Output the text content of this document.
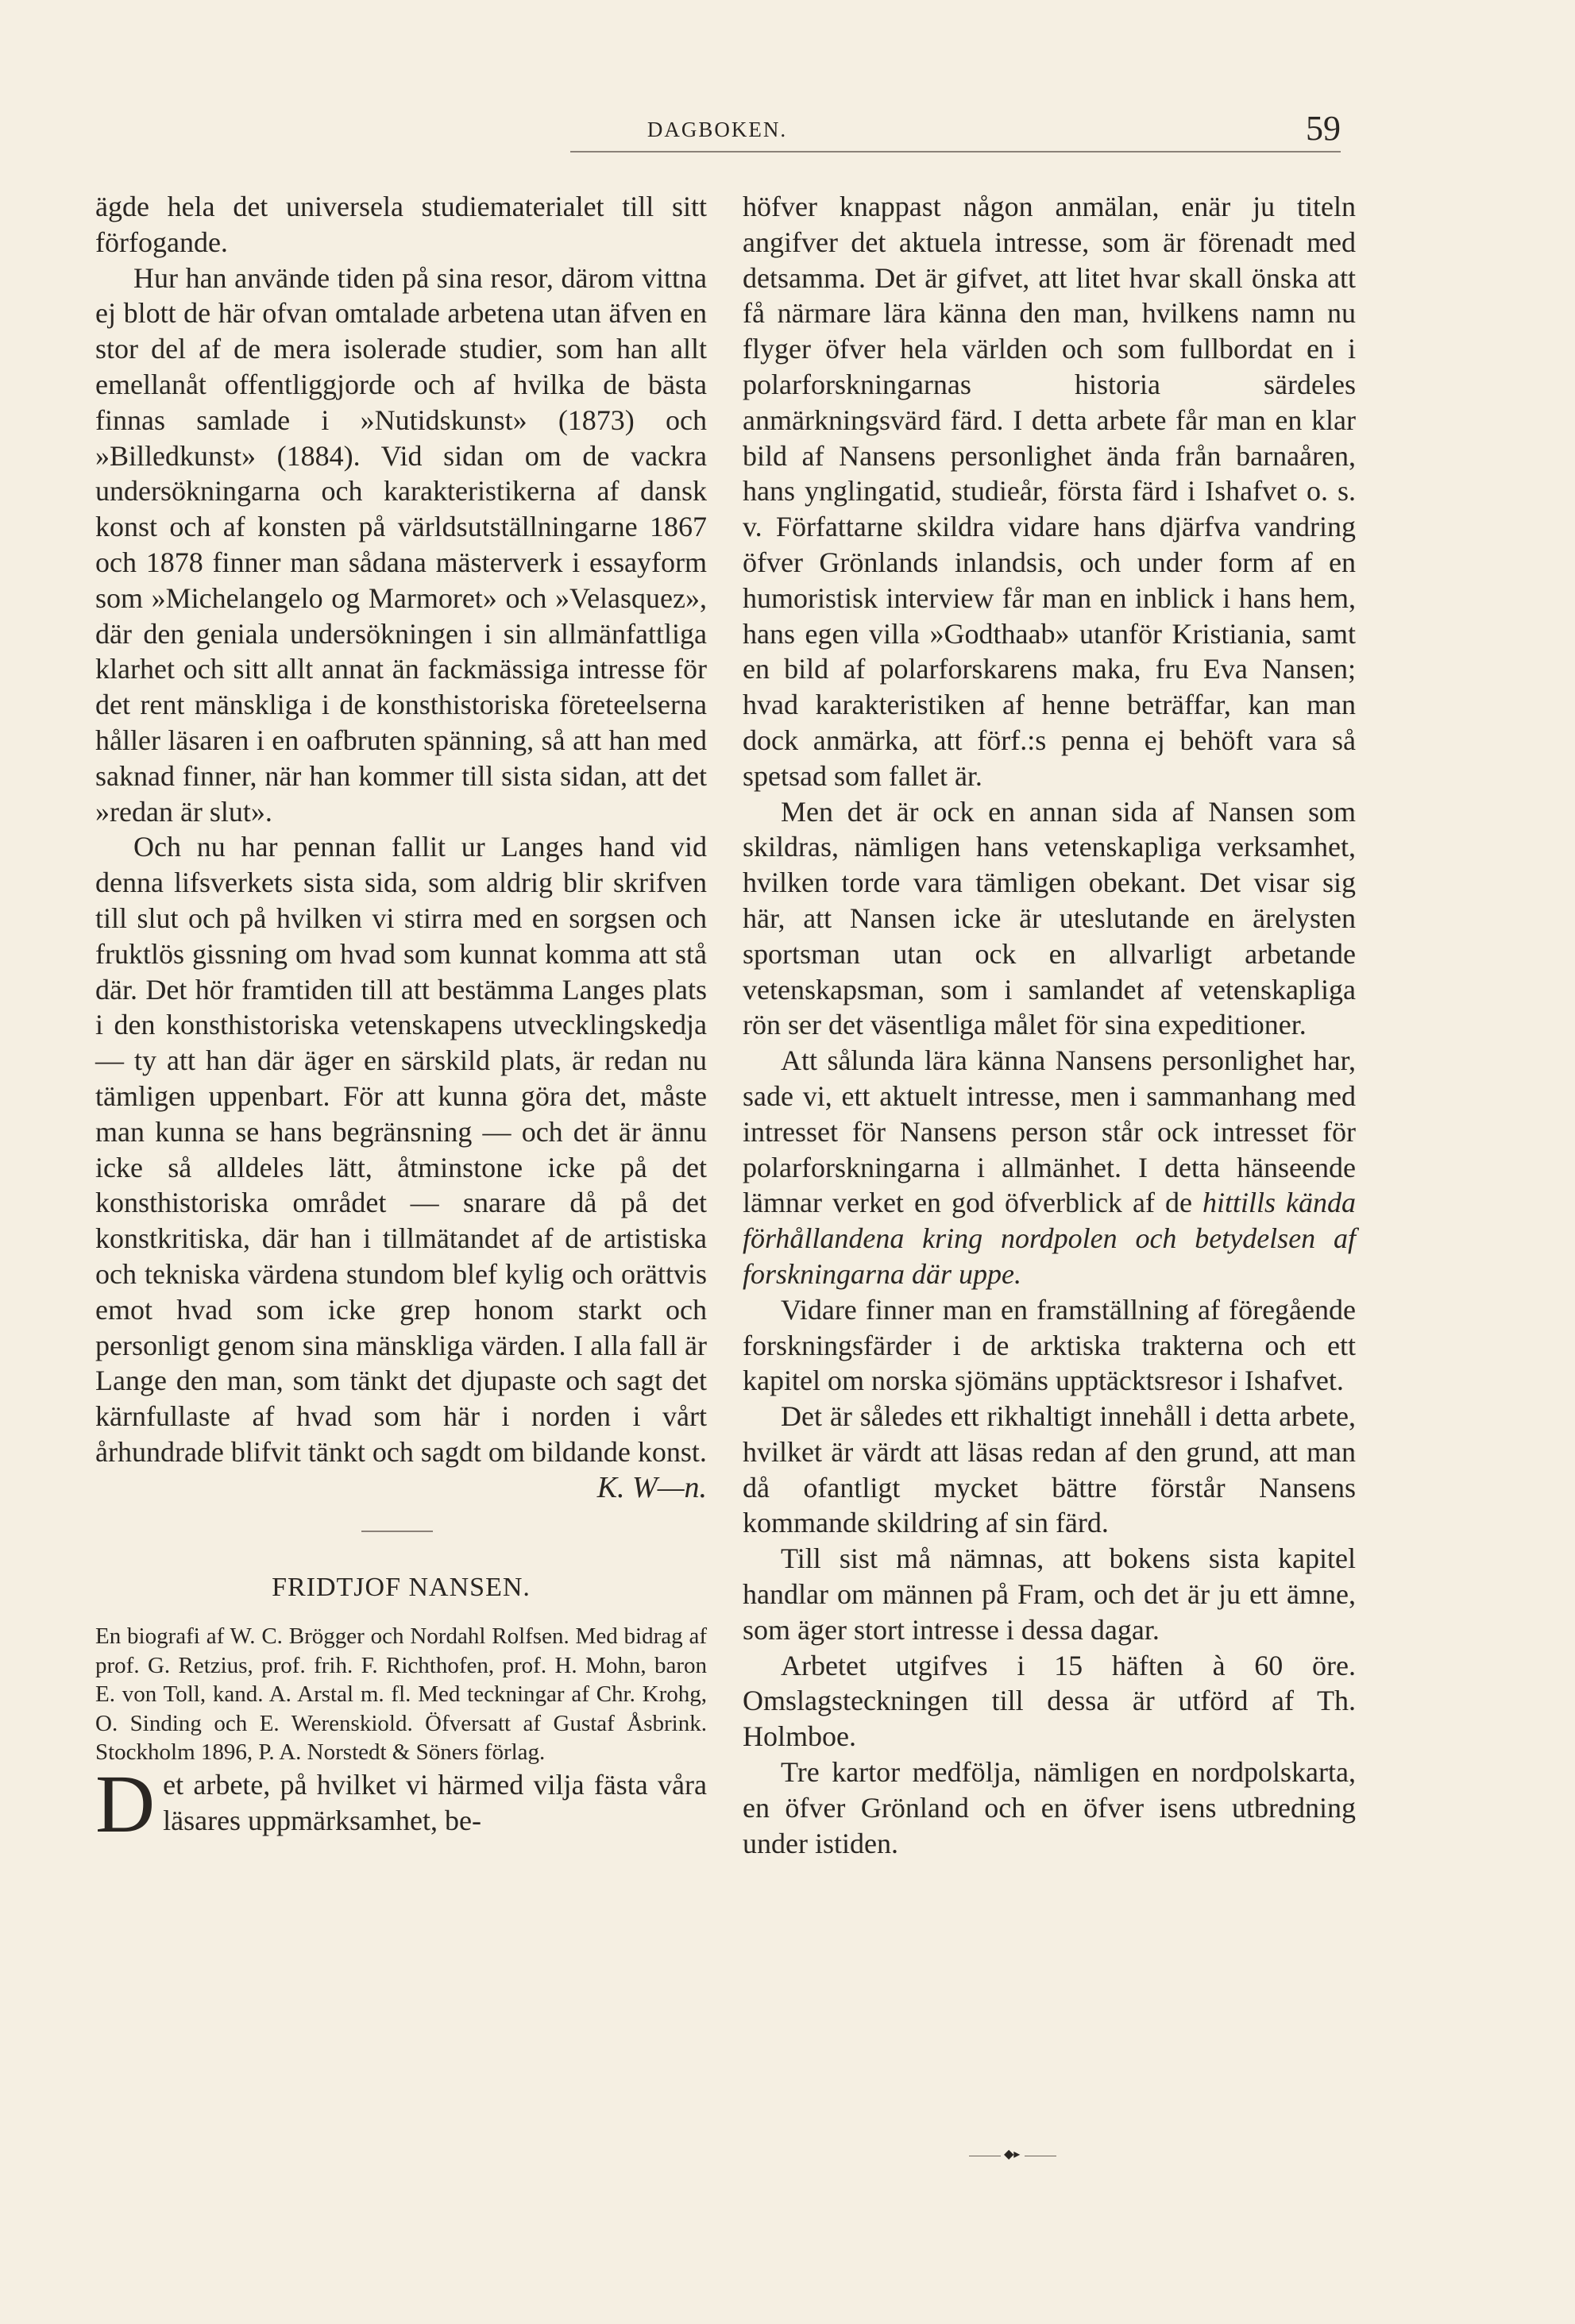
DAGBOKEN.	59

ägde hela det universela studiematerialet till sitt förfogande.

Hur han använde tiden på sina resor, därom vittna ej blott de här ofvan omtalade arbetena utan äfven en stor del af de mera isolerade studier, som han allt emellanåt offentliggjorde och af hvilka de bästa finnas samlade i »Nutidskunst» (1873) och »Billedkunst» (1884). Vid sidan om de vackra undersökningarna och karakteristikerna af dansk konst och af konsten på världsutställningarne 1867 och 1878 finner man sådana mästerverk i essayform som »Michelangelo og Marmoret» och »Velasquez», där den geniala undersökningen i sin allmänfattliga klarhet och sitt allt annat än fackmässiga intresse för det rent mänskliga i de konsthistoriska företeelserna håller läsaren i en oafbruten spänning, så att han med saknad finner, när han kommer till sista sidan, att det »redan är slut».

Och nu har pennan fallit ur Langes hand vid denna lifsverkets sista sida, som aldrig blir skrifven till slut och på hvilken vi stirra med en sorgsen och fruktlös gissning om hvad som kunnat komma att stå där. Det hör framtiden till att bestämma Langes plats i den konsthistoriska vetenskapens utvecklingskedja — ty att han där äger en särskild plats, är redan nu tämligen uppenbart. För att kunna göra det, måste man kunna se hans begränsning — och det är ännu icke så alldeles lätt, åtminstone icke på det konsthistoriska området — snarare då på det konstkritiska, där han i tillmätandet af de artistiska och tekniska värdena stundom blef kylig och orättvis emot hvad som icke grep honom starkt och personligt genom sina mänskliga värden. I alla fall är Lange den man, som tänkt det djupaste och sagt det kärnfullaste af hvad som här i norden i vårt århundrade blifvit tänkt och sagdt om bildande konst.

K. W—n.

FRIDTJOF NANSEN.

En biografi af W. C. Brögger och Nordahl Rolfsen. Med bidrag af prof. G. Retzius, prof. frih. F. Richthofen, prof. H. Mohn, baron E. von Toll, kand. A. Arstal m. fl. Med teckningar af Chr. Krohg, O. Sinding och E. Werenskiold. Öfversatt af Gustaf Åsbrink. Stockholm 1896, P. A. Norstedt & Söners förlag.

Det arbete, på hvilket vi härmed vilja fästa våra läsares uppmärksamhet, be-

höfver knappast någon anmälan, enär ju titeln angifver det aktuela intresse, som är förenadt med detsamma. Det är gifvet, att litet hvar skall önska att få närmare lära känna den man, hvilkens namn nu flyger öfver hela världen och som fullbordat en i polarforskningarnas historia särdeles anmärkningsvärd färd. I detta arbete får man en klar bild af Nansens personlighet ända från barnaåren, hans ynglingatid, studieår, första färd i Ishafvet o. s. v. Författarne skildra vidare hans djärfva vandring öfver Grönlands inlandsis, och under form af en humoristisk interview får man en inblick i hans hem, hans egen villa »Godthaab» utanför Kristiania, samt en bild af polarforskarens maka, fru Eva Nansen; hvad karakteristiken af henne beträffar, kan man dock anmärka, att förf.:s penna ej behöft vara så spetsad som fallet är.

Men det är ock en annan sida af Nansen som skildras, nämligen hans vetenskapliga verksamhet, hvilken torde vara tämligen obekant. Det visar sig här, att Nansen icke är uteslutande en ärelysten sportsman utan ock en allvarligt arbetande vetenskapsman, som i samlandet af vetenskapliga rön ser det väsentliga målet för sina expeditioner.

Att sålunda lära känna Nansens personlighet har, sade vi, ett aktuelt intresse, men i sammanhang med intresset för Nansens person står ock intresset för polarforskningarna i allmänhet. I detta hänseende lämnar verket en god öfverblick af de hittills kända förhållandena kring nordpolen och betydelsen af forskningarna där uppe.

Vidare finner man en framställning af föregående forskningsfärder i de arktiska trakterna och ett kapitel om norska sjömäns upptäcktsresor i Ishafvet.

Det är således ett rikhaltigt innehåll i detta arbete, hvilket är värdt att läsas redan af den grund, att man då ofantligt mycket bättre förstår Nansens kommande skildring af sin färd.

Till sist må nämnas, att bokens sista kapitel handlar om männen på Fram, och det är ju ett ämne, som äger stort intresse i dessa dagar.

Arbetet utgifves i 15 häften à 60 öre. Omslagsteckningen till dessa är utförd af Th. Holmboe.

Tre kartor medfölja, nämligen en nordpolskarta, en öfver Grönland och en öfver isens utbredning under istiden.

◆▸
